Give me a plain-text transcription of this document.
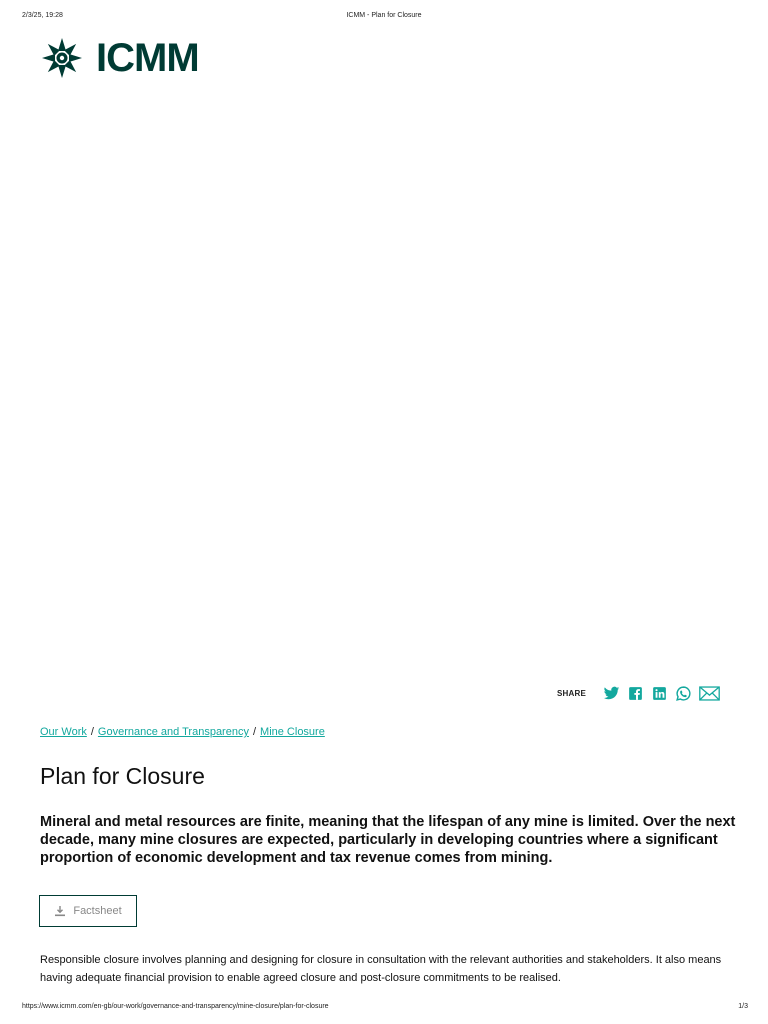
2/3/25, 19:28	ICMM - Plan for Closure
ICMM
SHARE
Our Work / Governance and Transparency / Mine Closure
Plan for Closure

Mineral and metal resources are finite, meaning that the lifespan of any mine is limited. Over the next decade, many mine closures are expected, particularly in developing countries where a significant proportion of economic development and tax revenue comes from mining.

Factsheet

Responsible closure involves planning and designing for closure in consultation with the relevant authorities and stakeholders. It also means having adequate financial provision to enable agreed closure and post-closure commitments to be realised.

https://www.icmm.com/en-gb/our-work/governance-and-transparency/mine-closure/plan-for-closure	1/3
